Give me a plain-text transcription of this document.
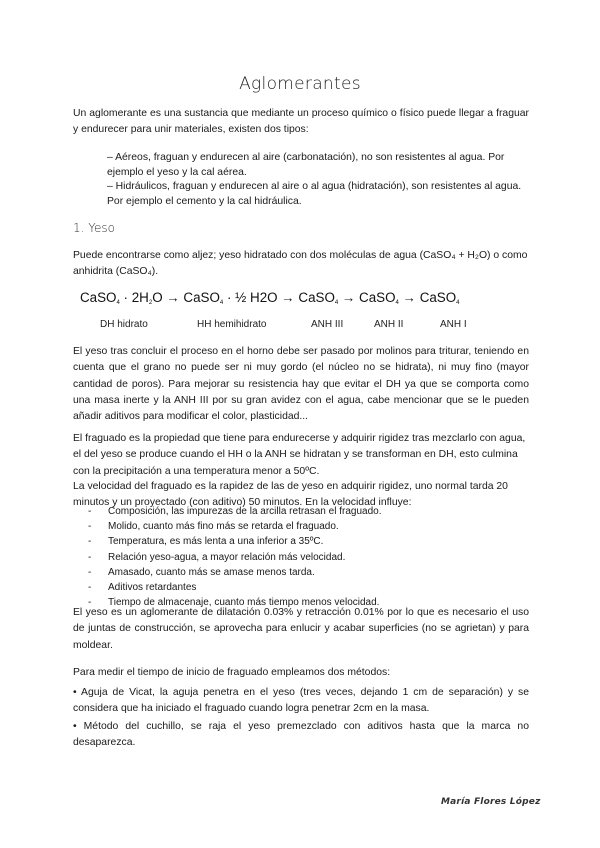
Aglomerantes

Un aglomerante es una sustancia que mediante un proceso químico o físico puede llegar a fraguar y endurecer para unir materiales, existen dos tipos:

– Aéreos, fraguan y endurecen al aire (carbonatación), no son resistentes al agua. Por ejemplo el yeso y la cal aérea.

– Hidráulicos, fraguan y endurecen al aire o al agua (hidratación), son resistentes al agua. Por ejemplo el cemento y la cal hidráulica.

1. Yeso

Puede encontrarse como aljez; yeso hidratado con dos moléculas de agua (CaSO₄ + H₂O) o como anhidrita (CaSO₄).

CaSO$_4$ · $2H_2O$ → CaSO$_4$ · ½ H2O → CaSO$_4$ → CaSO$_4$ → CaSO$_4$
DH hidrato	HH hemihidrato	ANH III	ANH II	ANH I

El yeso tras concluir el proceso en el horno debe ser pasado por molinos para triturar, teniendo en cuenta que el grano no puede ser ni muy gordo (el núcleo no se hidrata), ni muy fino (mayor cantidad de poros). Para mejorar su resistencia hay que evitar el DH ya que se comporta como una masa inerte y la ANH III por su gran avidez con el agua, cabe mencionar que se le pueden añadir aditivos para modificar el color, plasticidad...

El fraguado es la propiedad que tiene para endurecerse y adquirir rigidez tras mezclarlo con agua, el del yeso se produce cuando el HH o la ANH se hidratan y se transforman en DH, esto culmina con la precipitación a una temperatura menor a 50ºC.

La velocidad del fraguado es la rapidez de las de yeso en adquirir rigidez, uno normal tarda 20 minutos y un proyectado (con aditivo) 50 minutos. En la velocidad influye:

-	Composición, las impurezas de la arcilla retrasan el fraguado.
-	Molido, cuanto más fino más se retarda el fraguado.
-	Temperatura, es más lenta a una inferior a 35ºC.
-	Relación yeso-agua, a mayor relación más velocidad.
-	Amasado, cuanto más se amase menos tarda.
-	Aditivos retardantes
-	Tiempo de almacenaje, cuanto más tiempo menos velocidad.

El yeso es un aglomerante de dilatación 0.03% y retracción 0.01% por lo que es necesario el uso de juntas de construcción, se aprovecha para enlucir y acabar superficies (no se agrietan) y para moldear.

Para medir el tiempo de inicio de fraguado empleamos dos métodos:

• Aguja de Vicat, la aguja penetra en el yeso (tres veces, dejando 1 cm de separación) y se considera que ha iniciado el fraguado cuando logra penetrar 2cm en la masa.

• Método del cuchillo, se raja el yeso premezclado con aditivos hasta que la marca no desaparezca.

María Flores López
